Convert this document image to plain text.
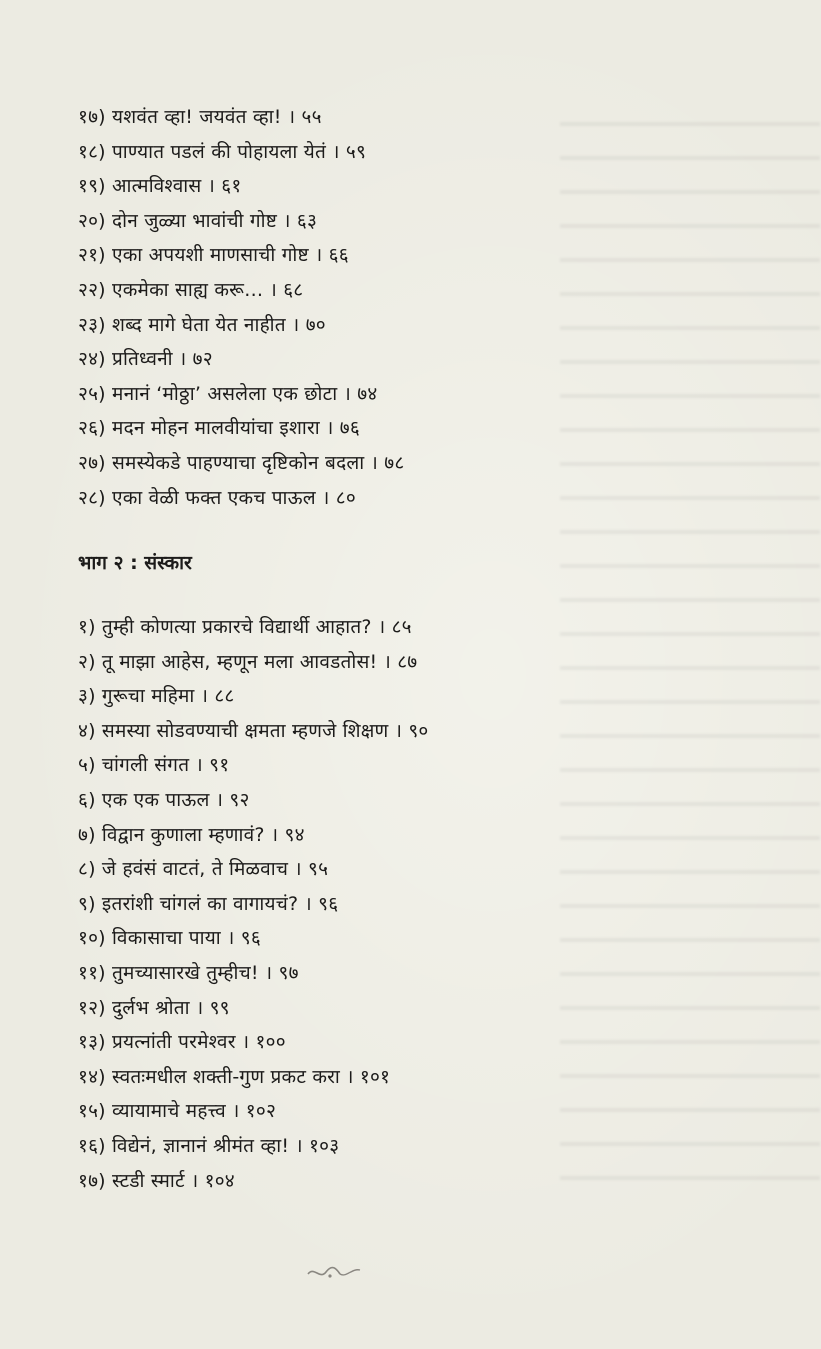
१७) यशवंत व्हा! जयवंत व्हा! । ५५
१८) पाण्यात पडलं की पोहायला येतं । ५९
१९) आत्मविश्वास । ६१
२०) दोन जुळ्या भावांची गोष्ट । ६३
२१) एका अपयशी माणसाची गोष्ट । ६६
२२) एकमेका साह्य करू… । ६८
२३) शब्द मागे घेता येत नाहीत । ७०
२४) प्रतिध्वनी । ७२
२५) मनानं ‘मोठ्ठा’ असलेला एक छोटा । ७४
२६) मदन मोहन मालवीयांचा इशारा । ७६
२७) समस्येकडे पाहण्याचा दृष्टिकोन बदला । ७८
२८) एका वेळी फक्त एकच पाऊल । ८०
भाग २ : संस्कार
१) तुम्ही कोणत्या प्रकारचे विद्यार्थी आहात? । ८५
२) तू माझा आहेस, म्हणून मला आवडतोस! । ८७
३) गुरूचा महिमा । ८८
४) समस्या सोडवण्याची क्षमता म्हणजे शिक्षण । ९०
५) चांगली संगत । ९१
६) एक एक पाऊल । ९२
७) विद्वान कुणाला म्हणावं? । ९४
८) जे हवंसं वाटतं, ते मिळवाच । ९५
९) इतरांशी चांगलं का वागायचं? । ९६
१०) विकासाचा पाया । ९६
११) तुमच्यासारखे तुम्हीच! । ९७
१२) दुर्लभ श्रोता । ९९
१३) प्रयत्नांती परमेश्वर । १००
१४) स्वतःमधील शक्ती-गुण प्रकट करा । १०१
१५) व्यायामाचे महत्त्व । १०२
१६) विद्येनं, ज्ञानानं श्रीमंत व्हा! । १०३
१७) स्टडी स्मार्ट । १०४
